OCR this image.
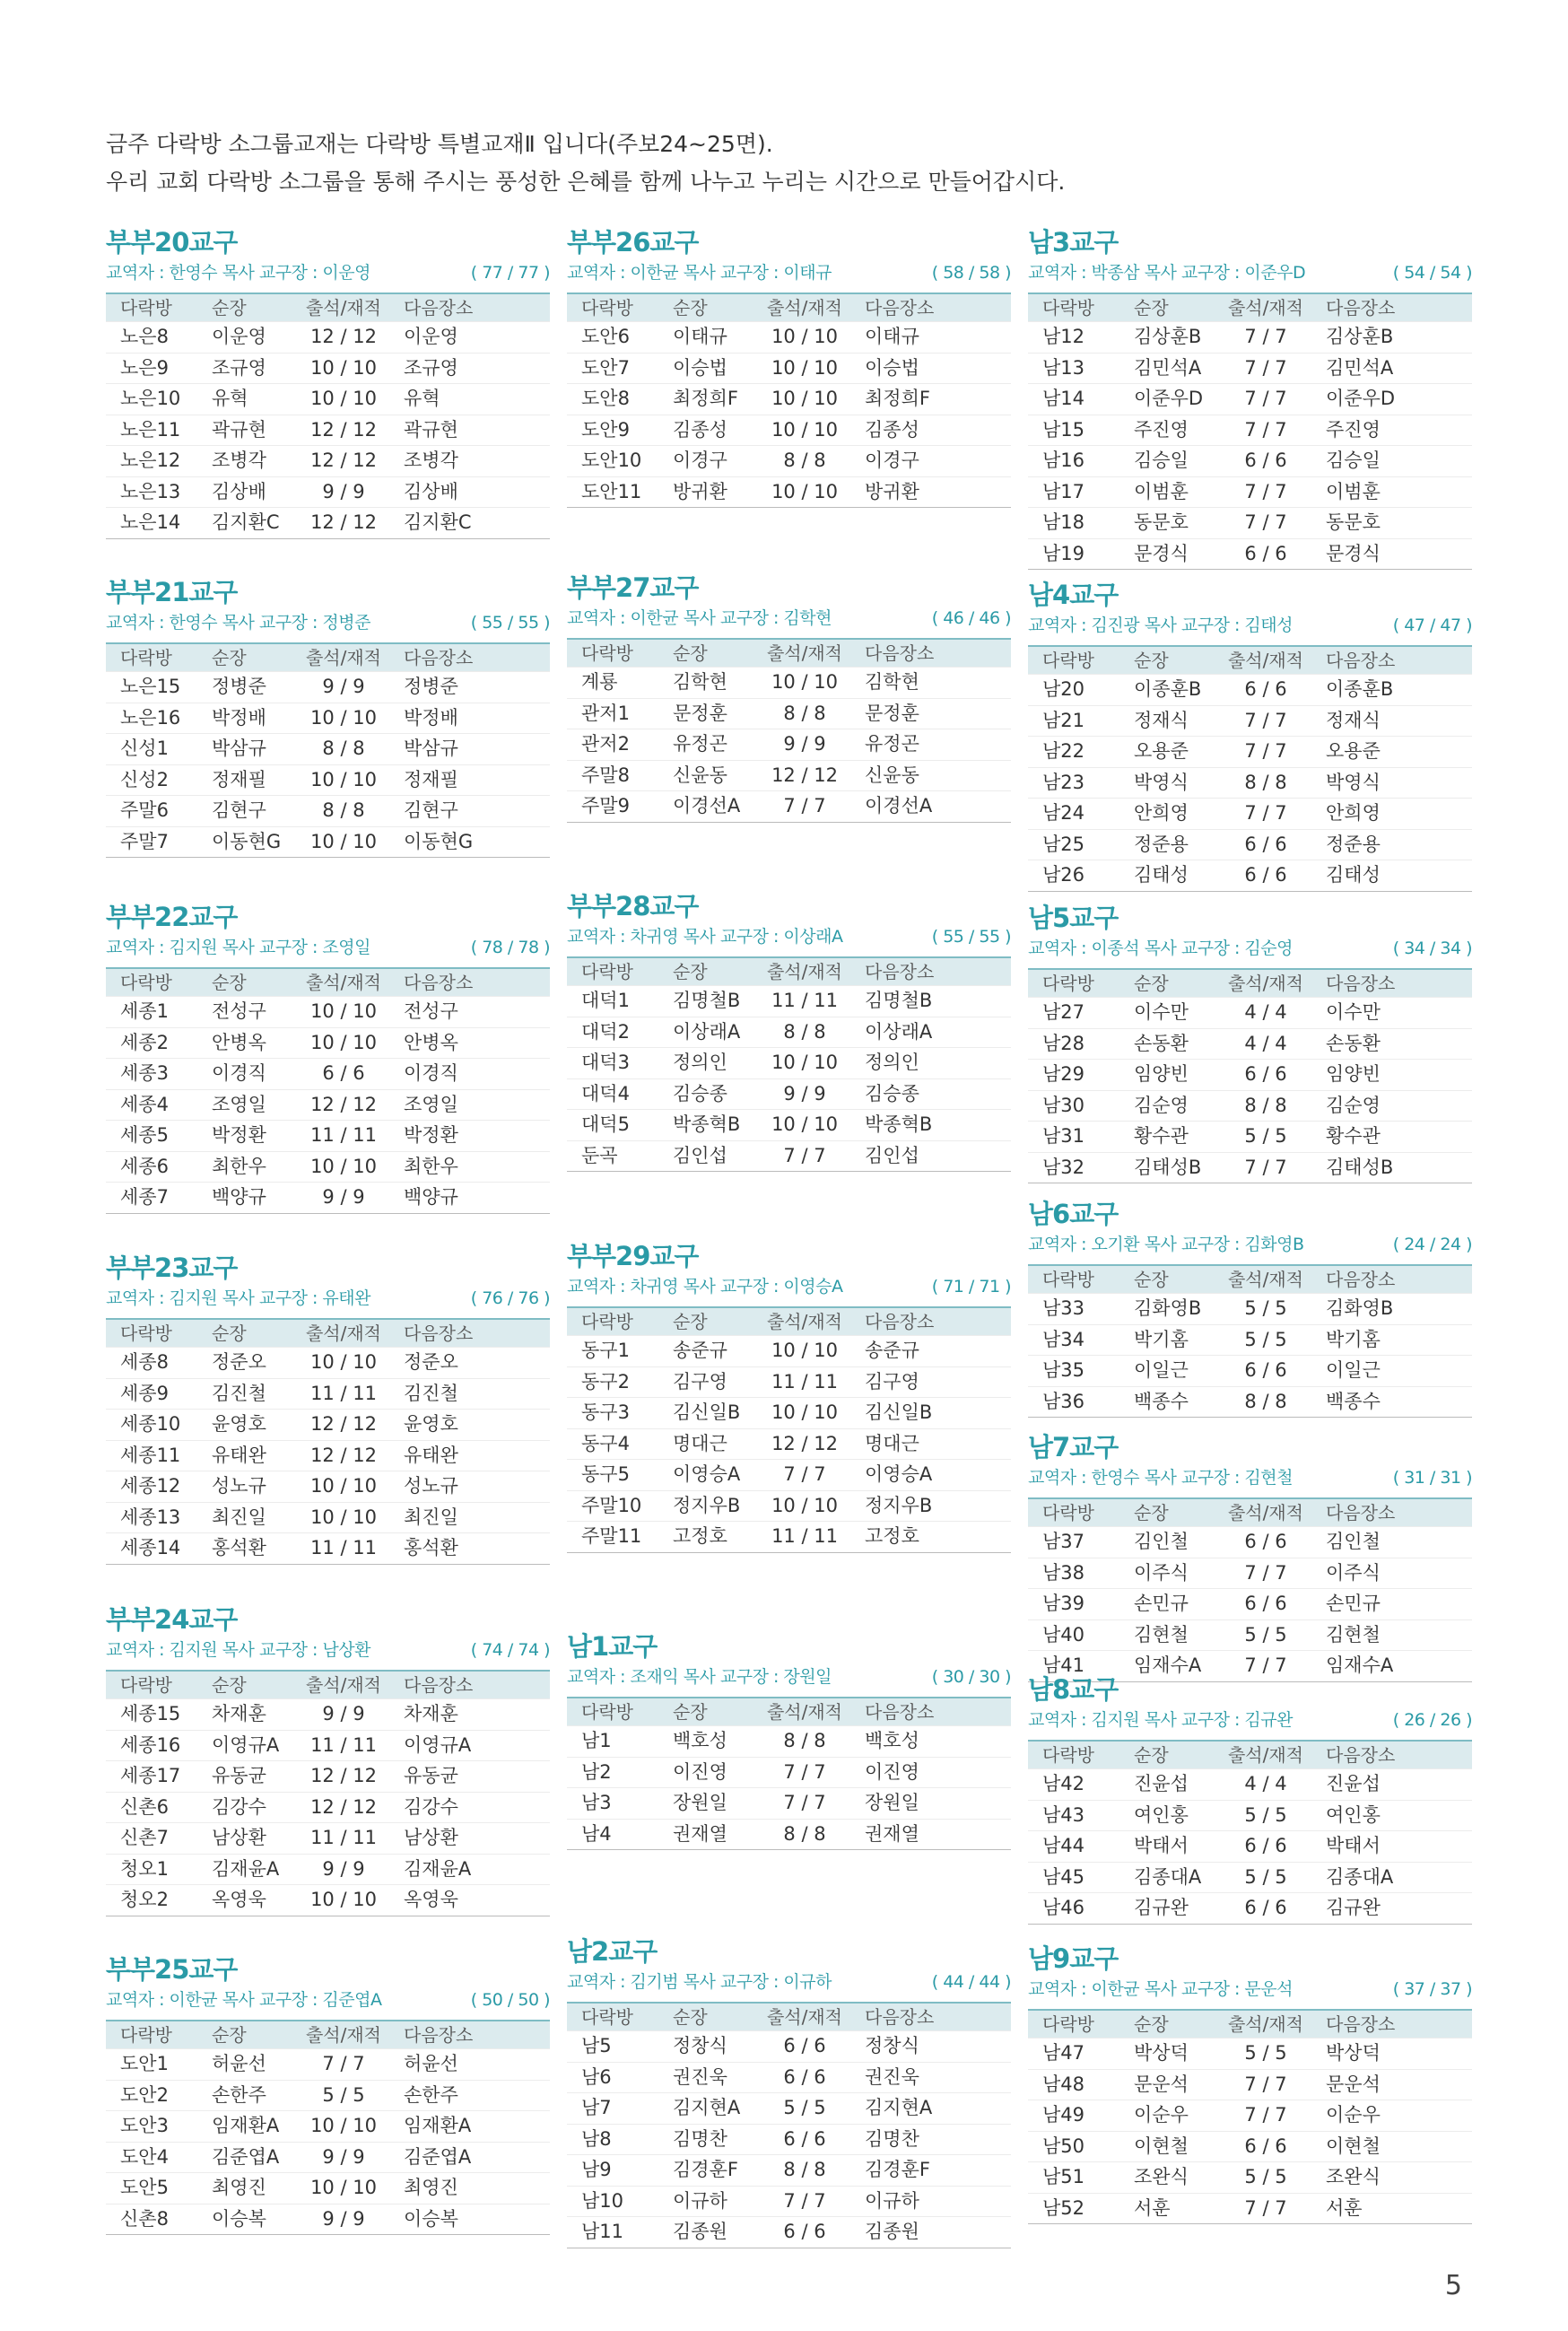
금주 다락방 소그룹교재는 다락방 특별교재Ⅱ 입니다(주보24~25면).
우리 교회 다락방 소그룹을 통해 주시는 풍성한 은혜를 함께 나누고 누리는 시간으로 만들어갑시다.
부부20교구
교역자 : 한영수 목사 교구장 : 이운영	( 77 / 77 )
다락방	순장	출석/재적	다음장소
노은8	이운영	12 / 12	이운영
노은9	조규영	10 / 10	조규영
노은10	유혁	10 / 10	유혁
노은11	곽규현	12 / 12	곽규현
노은12	조병각	12 / 12	조병각
노은13	김상배	9 / 9	김상배
노은14	김지환C	12 / 12	김지환C
부부21교구
교역자 : 한영수 목사 교구장 : 정병준	( 55 / 55 )
다락방	순장	출석/재적	다음장소
노은15	정병준	9 / 9	정병준
노은16	박정배	10 / 10	박정배
신성1	박삼규	8 / 8	박삼규
신성2	정재필	10 / 10	정재필
주말6	김현구	8 / 8	김현구
주말7	이동현G	10 / 10	이동현G
부부22교구
교역자 : 김지원 목사 교구장 : 조영일	( 78 / 78 )
다락방	순장	출석/재적	다음장소
세종1	전성구	10 / 10	전성구
세종2	안병옥	10 / 10	안병옥
세종3	이경직	6 / 6	이경직
세종4	조영일	12 / 12	조영일
세종5	박정환	11 / 11	박정환
세종6	최한우	10 / 10	최한우
세종7	백양규	9 / 9	백양규
부부23교구
교역자 : 김지원 목사 교구장 : 유태완	( 76 / 76 )
다락방	순장	출석/재적	다음장소
세종8	정준오	10 / 10	정준오
세종9	김진철	11 / 11	김진철
세종10	윤영호	12 / 12	윤영호
세종11	유태완	12 / 12	유태완
세종12	성노규	10 / 10	성노규
세종13	최진일	10 / 10	최진일
세종14	홍석환	11 / 11	홍석환
부부24교구
교역자 : 김지원 목사 교구장 : 남상환	( 74 / 74 )
다락방	순장	출석/재적	다음장소
세종15	차재훈	9 / 9	차재훈
세종16	이영규A	11 / 11	이영규A
세종17	유동균	12 / 12	유동균
신촌6	김강수	12 / 12	김강수
신촌7	남상환	11 / 11	남상환
청오1	김재윤A	9 / 9	김재윤A
청오2	옥영욱	10 / 10	옥영욱
부부25교구
교역자 : 이한균 목사 교구장 : 김준엽A	( 50 / 50 )
다락방	순장	출석/재적	다음장소
도안1	허윤선	7 / 7	허윤선
도안2	손한주	5 / 5	손한주
도안3	임재환A	10 / 10	임재환A
도안4	김준엽A	9 / 9	김준엽A
도안5	최영진	10 / 10	최영진
신촌8	이승복	9 / 9	이승복
부부26교구
교역자 : 이한균 목사 교구장 : 이태규	( 58 / 58 )
다락방	순장	출석/재적	다음장소
도안6	이태규	10 / 10	이태규
도안7	이승법	10 / 10	이승법
도안8	최정희F	10 / 10	최정희F
도안9	김종성	10 / 10	김종성
도안10	이경구	8 / 8	이경구
도안11	방귀환	10 / 10	방귀환
부부27교구
교역자 : 이한균 목사 교구장 : 김학현	( 46 / 46 )
다락방	순장	출석/재적	다음장소
계룡	김학현	10 / 10	김학현
관저1	문정훈	8 / 8	문정훈
관저2	유정곤	9 / 9	유정곤
주말8	신윤동	12 / 12	신윤동
주말9	이경선A	7 / 7	이경선A
부부28교구
교역자 : 차귀영 목사 교구장 : 이상래A	( 55 / 55 )
다락방	순장	출석/재적	다음장소
대덕1	김명철B	11 / 11	김명철B
대덕2	이상래A	8 / 8	이상래A
대덕3	정의인	10 / 10	정의인
대덕4	김승종	9 / 9	김승종
대덕5	박종혁B	10 / 10	박종혁B
둔곡	김인섭	7 / 7	김인섭
부부29교구
교역자 : 차귀영 목사 교구장 : 이영승A	( 71 / 71 )
다락방	순장	출석/재적	다음장소
동구1	송준규	10 / 10	송준규
동구2	김구영	11 / 11	김구영
동구3	김신일B	10 / 10	김신일B
동구4	명대근	12 / 12	명대근
동구5	이영승A	7 / 7	이영승A
주말10	정지우B	10 / 10	정지우B
주말11	고정호	11 / 11	고정호
남1교구
교역자 : 조재익 목사 교구장 : 장원일	( 30 / 30 )
다락방	순장	출석/재적	다음장소
남1	백호성	8 / 8	백호성
남2	이진영	7 / 7	이진영
남3	장원일	7 / 7	장원일
남4	권재열	8 / 8	권재열
남2교구
교역자 : 김기범 목사 교구장 : 이규하	( 44 / 44 )
다락방	순장	출석/재적	다음장소
남5	정창식	6 / 6	정창식
남6	권진욱	6 / 6	권진욱
남7	김지현A	5 / 5	김지현A
남8	김명찬	6 / 6	김명찬
남9	김경훈F	8 / 8	김경훈F
남10	이규하	7 / 7	이규하
남11	김종원	6 / 6	김종원
남3교구
교역자 : 박종삼 목사 교구장 : 이준우D	( 54 / 54 )
다락방	순장	출석/재적	다음장소
남12	김상훈B	7 / 7	김상훈B
남13	김민석A	7 / 7	김민석A
남14	이준우D	7 / 7	이준우D
남15	주진영	7 / 7	주진영
남16	김승일	6 / 6	김승일
남17	이범훈	7 / 7	이범훈
남18	동문호	7 / 7	동문호
남19	문경식	6 / 6	문경식
남4교구
교역자 : 김진광 목사 교구장 : 김태성	( 47 / 47 )
다락방	순장	출석/재적	다음장소
남20	이종훈B	6 / 6	이종훈B
남21	정재식	7 / 7	정재식
남22	오용준	7 / 7	오용준
남23	박영식	8 / 8	박영식
남24	안희영	7 / 7	안희영
남25	정준용	6 / 6	정준용
남26	김태성	6 / 6	김태성
남5교구
교역자 : 이종석 목사 교구장 : 김순영	( 34 / 34 )
다락방	순장	출석/재적	다음장소
남27	이수만	4 / 4	이수만
남28	손동환	4 / 4	손동환
남29	임양빈	6 / 6	임양빈
남30	김순영	8 / 8	김순영
남31	황수관	5 / 5	황수관
남32	김태성B	7 / 7	김태성B
남6교구
교역자 : 오기환 목사 교구장 : 김화영B	( 24 / 24 )
다락방	순장	출석/재적	다음장소
남33	김화영B	5 / 5	김화영B
남34	박기홈	5 / 5	박기홈
남35	이일근	6 / 6	이일근
남36	백종수	8 / 8	백종수
남7교구
교역자 : 한영수 목사 교구장 : 김현철	( 31 / 31 )
다락방	순장	출석/재적	다음장소
남37	김인철	6 / 6	김인철
남38	이주식	7 / 7	이주식
남39	손민규	6 / 6	손민규
남40	김현철	5 / 5	김현철
남41	임재수A	7 / 7	임재수A
남8교구
교역자 : 김지원 목사 교구장 : 김규완	( 26 / 26 )
다락방	순장	출석/재적	다음장소
남42	진윤섭	4 / 4	진윤섭
남43	여인홍	5 / 5	여인홍
남44	박태서	6 / 6	박태서
남45	김종대A	5 / 5	김종대A
남46	김규완	6 / 6	김규완
남9교구
교역자 : 이한균 목사 교구장 : 문운석	( 37 / 37 )
다락방	순장	출석/재적	다음장소
남47	박상덕	5 / 5	박상덕
남48	문운석	7 / 7	문운석
남49	이순우	7 / 7	이순우
남50	이현철	6 / 6	이현철
남51	조완식	5 / 5	조완식
남52	서훈	7 / 7	서훈
5
